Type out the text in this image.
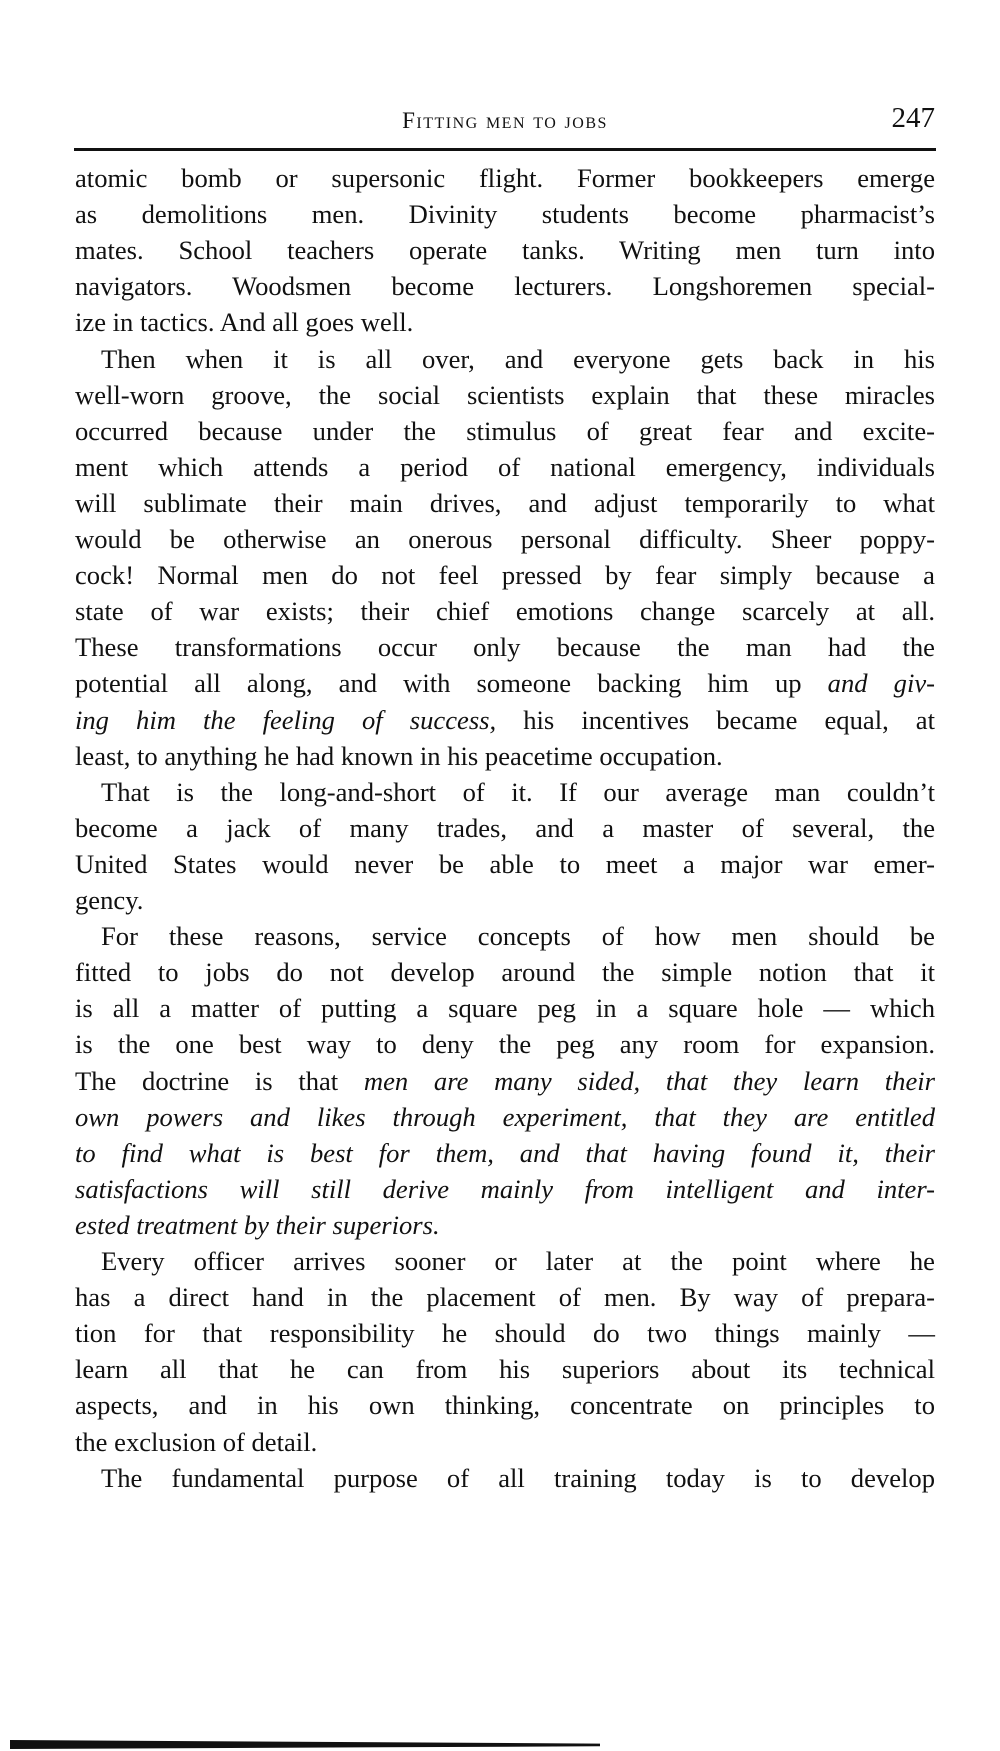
Fitting men to jobs	247
atomic bomb or supersonic flight. Former bookkeepers emerge
as demolitions men. Divinity students become pharmacist’s
mates. School teachers operate tanks. Writing men turn into
navigators. Woodsmen become lecturers. Longshoremen special-
ize in tactics. And all goes well.
Then when it is all over, and everyone gets back in his
well-worn groove, the social scientists explain that these miracles
occurred because under the stimulus of great fear and excite-
ment which attends a period of national emergency, individuals
will sublimate their main drives, and adjust temporarily to what
would be otherwise an onerous personal difficulty. Sheer poppy-
cock! Normal men do not feel pressed by fear simply because a
state of war exists; their chief emotions change scarcely at all.
These transformations occur only because the man had the
potential all along, and with someone backing him up and giv-
ing him the feeling of success, his incentives became equal, at
least, to anything he had known in his peacetime occupation.
That is the long-and-short of it. If our average man couldn’t
become a jack of many trades, and a master of several, the
United States would never be able to meet a major war emer-
gency.
For these reasons, service concepts of how men should be
fitted to jobs do not develop around the simple notion that it
is all a matter of putting a square peg in a square hole — which
is the one best way to deny the peg any room for expansion.
The doctrine is that men are many sided, that they learn their
own powers and likes through experiment, that they are entitled
to find what is best for them, and that having found it, their
satisfactions will still derive mainly from intelligent and inter-
ested treatment by their superiors.
Every officer arrives sooner or later at the point where he
has a direct hand in the placement of men. By way of prepara-
tion for that responsibility he should do two things mainly —
learn all that he can from his superiors about its technical
aspects, and in his own thinking, concentrate on principles to
the exclusion of detail.
The fundamental purpose of all training today is to develop
